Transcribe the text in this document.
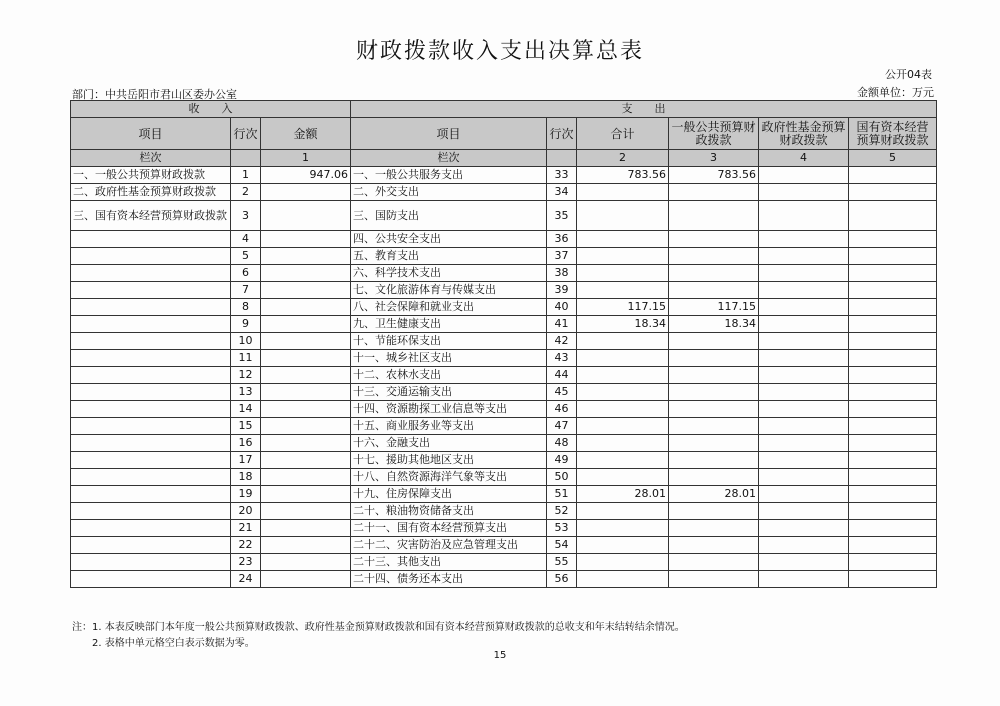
财政拨款收入支出决算总表
公开04表
部门：中共岳阳市君山区委办公室	金额单位：万元
收　　入			支　　出					
项目	行次	金额	项目	行次	合计	一般公共预算财政拨款	政府性基金预算财政拨款	国有资本经营预算财政拨款
栏次		1	栏次		2	3	4	5
一、一般公共预算财政拨款	1	947.06	一、一般公共服务支出	33	783.56	783.56		
二、政府性基金预算财政拨款	2		二、外交支出	34				
三、国有资本经营预算财政拨款	3		三、国防支出	35				
	4		四、公共安全支出	36				
	5		五、教育支出	37				
	6		六、科学技术支出	38				
	7		七、文化旅游体育与传媒支出	39				
	8		八、社会保障和就业支出	40	117.15	117.15		
	9		九、卫生健康支出	41	18.34	18.34		
	10		十、节能环保支出	42				
	11		十一、城乡社区支出	43				
	12		十二、农林水支出	44				
	13		十三、交通运输支出	45				
	14		十四、资源勘探工业信息等支出	46				
	15		十五、商业服务业等支出	47				
	16		十六、金融支出	48				
	17		十七、援助其他地区支出	49				
	18		十八、自然资源海洋气象等支出	50				
	19		十九、住房保障支出	51	28.01	28.01		
	20		二十、粮油物资储备支出	52				
	21		二十一、国有资本经营预算支出	53				
	22		二十二、灾害防治及应急管理支出	54				
	23		二十三、其他支出	55				
	24		二十四、债务还本支出	56				
注：1. 本表反映部门本年度一般公共预算财政拨款、政府性基金预算财政拨款和国有资本经营预算财政拨款的总收支和年末结转结余情况。
2. 表格中单元格空白表示数据为零。
15
